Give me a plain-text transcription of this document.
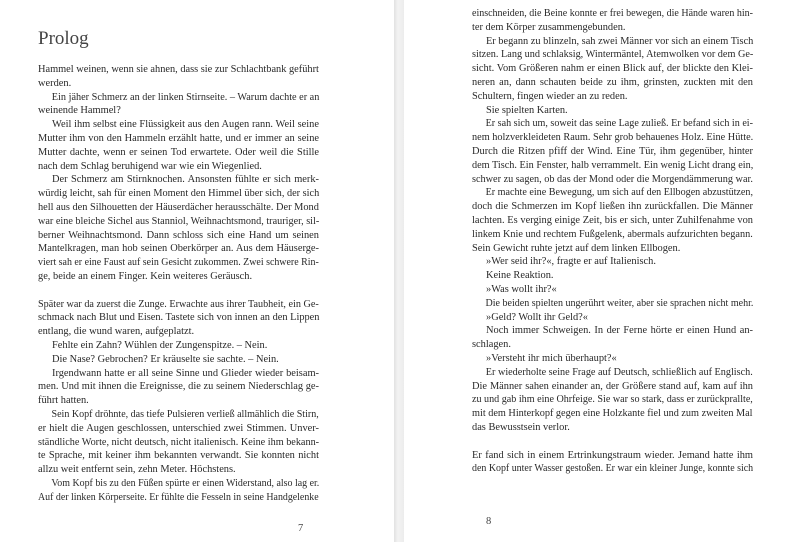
Prolog
Hammel weinen, wenn sie ahnen, dass sie zur Schlachtbank geführt
werden.
Ein jäher Schmerz an der linken Stirnseite. – Warum dachte er an
weinende Hammel?
Weil ihm selbst eine Flüssigkeit aus den Augen rann. Weil seine
Mutter ihm von den Hammeln erzählt hatte, und er immer an seine
Mutter dachte, wenn er seinen Tod erwartete. Oder weil die Stille
nach dem Schlag beruhigend war wie ein Wiegenlied.
Der Schmerz am Stirnknochen. Ansonsten fühlte er sich merk-
würdig leicht, sah für einen Moment den Himmel über sich, der sich
hell aus den Silhouetten der Häuserdächer herausschälte. Der Mond
war eine bleiche Sichel aus Stanniol, Weihnachtsmond, trauriger, sil-
berner Weihnachtsmond. Dann schloss sich eine Hand um seinen
Mantelkragen, man hob seinen Oberkörper an. Aus dem Häuserge-
viert sah er eine Faust auf sein Gesicht zukommen. Zwei schwere Rin-
ge, beide an einem Finger. Kein weiteres Geräusch.
Später war da zuerst die Zunge. Erwachte aus ihrer Taubheit, ein Ge-
schmack nach Blut und Eisen. Tastete sich von innen an den Lippen
entlang, die wund waren, aufgeplatzt.
Fehlte ein Zahn? Wühlen der Zungenspitze. – Nein.
Die Nase? Gebrochen? Er kräuselte sie sachte. – Nein.
Irgendwann hatte er all seine Sinne und Glieder wieder beisam-
men. Und mit ihnen die Ereignisse, die zu seinem Niederschlag ge-
führt hatten.
Sein Kopf dröhnte, das tiefe Pulsieren verließ allmählich die Stirn,
er hielt die Augen geschlossen, unterschied zwei Stimmen. Unver-
ständliche Worte, nicht deutsch, nicht italienisch. Keine ihm bekann-
te Sprache, mit keiner ihm bekannten verwandt. Sie konnten nicht
allzu weit entfernt sein, zehn Meter. Höchstens.
Vom Kopf bis zu den Füßen spürte er einen Widerstand, also lag er.
Auf der linken Körperseite. Er fühlte die Fesseln in seine Handgelenke
7
einschneiden, die Beine konnte er frei bewegen, die Hände waren hin-
ter dem Körper zusammengebunden.
Er begann zu blinzeln, sah zwei Männer vor sich an einem Tisch
sitzen. Lang und schlaksig, Wintermäntel, Atemwolken vor dem Ge-
sicht. Vom Größeren nahm er einen Blick auf, der blickte den Klei-
neren an, dann schauten beide zu ihm, grinsten, zuckten mit den
Schultern, fingen wieder an zu reden.
Sie spielten Karten.
Er sah sich um, soweit das seine Lage zuließ. Er befand sich in ei-
nem holzverkleideten Raum. Sehr grob behauenes Holz. Eine Hütte.
Durch die Ritzen pfiff der Wind. Eine Tür, ihm gegenüber, hinter
dem Tisch. Ein Fenster, halb verrammelt. Ein wenig Licht drang ein,
schwer zu sagen, ob das der Mond oder die Morgendämmerung war.
Er machte eine Bewegung, um sich auf den Ellbogen abzustützen,
doch die Schmerzen im Kopf ließen ihn zurückfallen. Die Männer
lachten. Es verging einige Zeit, bis er sich, unter Zuhilfenahme von
linkem Knie und rechtem Fußgelenk, abermals aufzurichten begann.
Sein Gewicht ruhte jetzt auf dem linken Ellbogen.
»Wer seid ihr?«, fragte er auf Italienisch.
Keine Reaktion.
»Was wollt ihr?«
Die beiden spielten ungerührt weiter, aber sie sprachen nicht mehr.
»Geld? Wollt ihr Geld?«
Noch immer Schweigen. In der Ferne hörte er einen Hund an-
schlagen.
»Versteht ihr mich überhaupt?«
Er wiederholte seine Frage auf Deutsch, schließlich auf Englisch.
Die Männer sahen einander an, der Größere stand auf, kam auf ihn
zu und gab ihm eine Ohrfeige. Sie war so stark, dass er zurückprallte,
mit dem Hinterkopf gegen eine Holzkante fiel und zum zweiten Mal
das Bewusstsein verlor.
Er fand sich in einem Ertrinkungstraum wieder. Jemand hatte ihm
den Kopf unter Wasser gestoßen. Er war ein kleiner Junge, konnte sich
8
